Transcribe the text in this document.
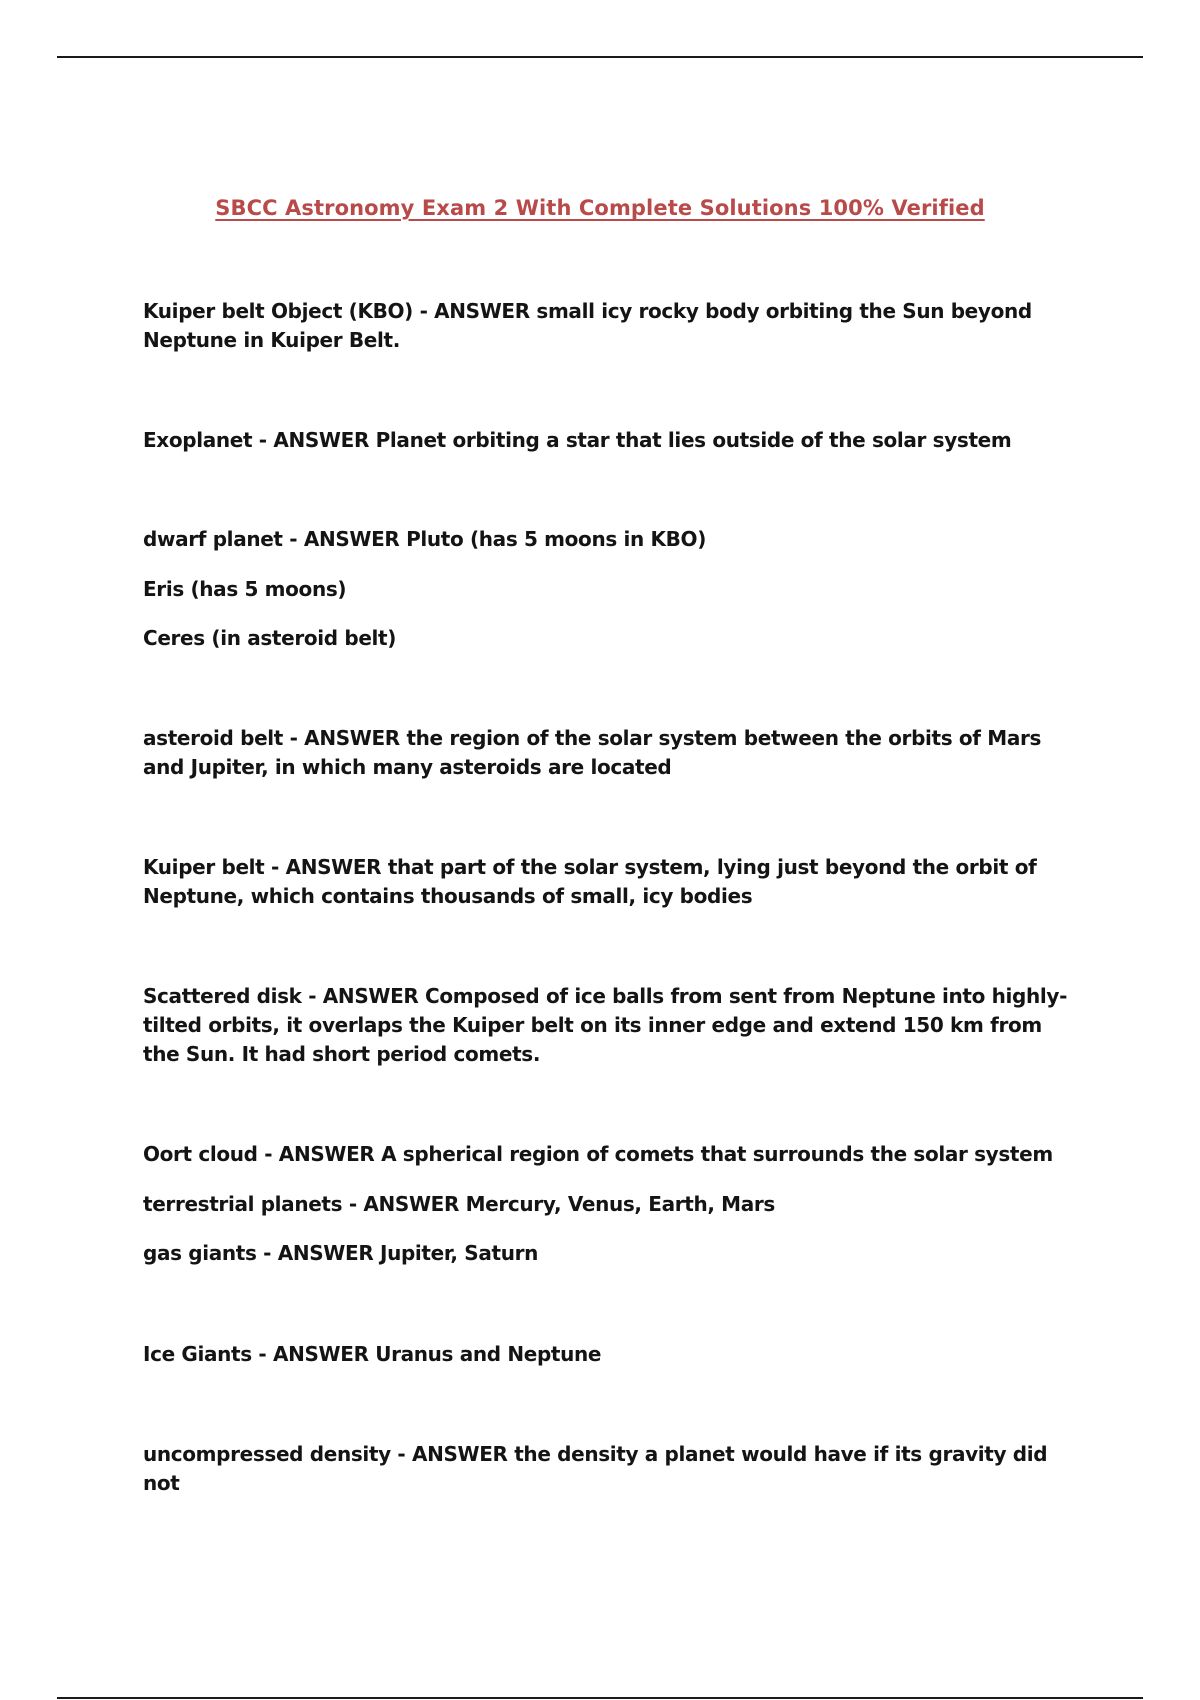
SBCC Astronomy Exam 2 With Complete Solutions 100% Verified

Kuiper belt Object (KBO) - ANSWER small icy rocky body orbiting the Sun beyond Neptune in Kuiper Belt.

Exoplanet - ANSWER Planet orbiting a star that lies outside of the solar system

dwarf planet - ANSWER Pluto (has 5 moons in KBO)

Eris (has 5 moons)

Ceres (in asteroid belt)

asteroid belt - ANSWER the region of the solar system between the orbits of Mars and Jupiter, in which many asteroids are located

Kuiper belt - ANSWER that part of the solar system, lying just beyond the orbit of Neptune, which contains thousands of small, icy bodies

Scattered disk - ANSWER Composed of ice balls from sent from Neptune into highly-tilted orbits, it overlaps the Kuiper belt on its inner edge and extend 150 km from the Sun. It had short period comets.

Oort cloud - ANSWER A spherical region of comets that surrounds the solar system

terrestrial planets - ANSWER Mercury, Venus, Earth, Mars

gas giants - ANSWER Jupiter, Saturn

Ice Giants - ANSWER Uranus and Neptune

uncompressed density - ANSWER the density a planet would have if its gravity did not
